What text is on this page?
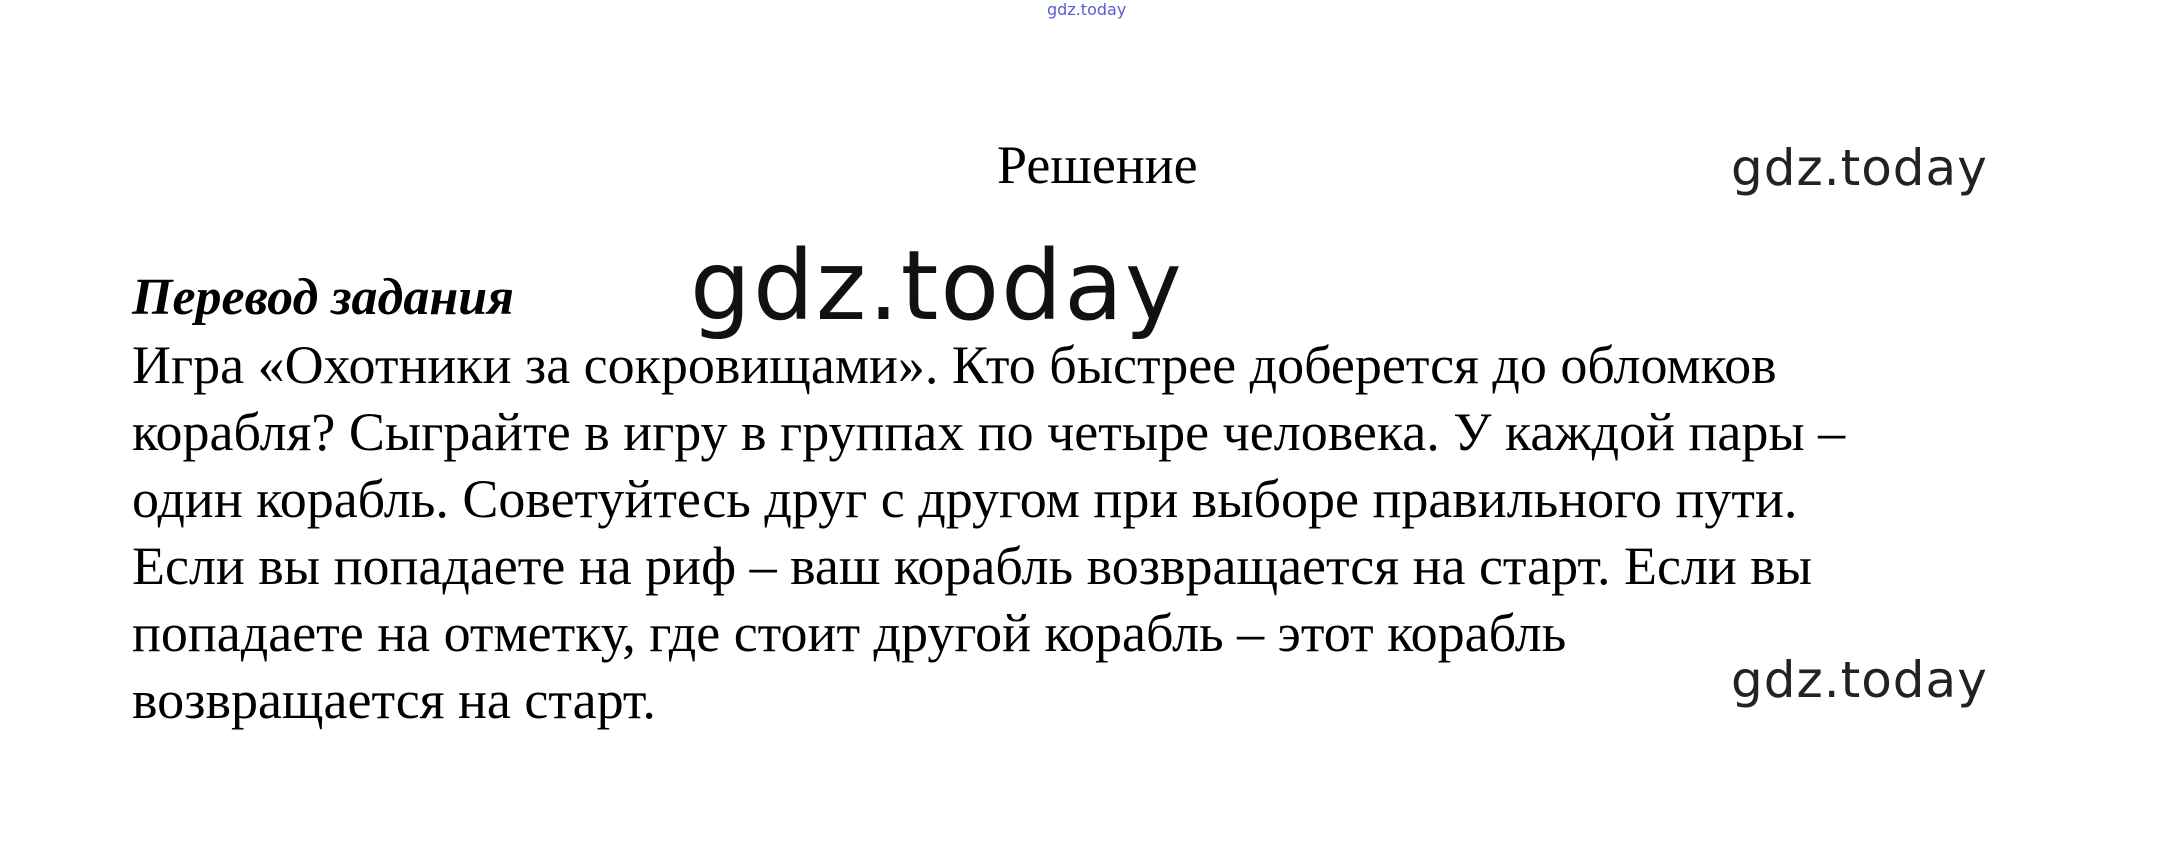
gdz.today
Решение	gdz.today
Перевод задания gdz.today
Игра «Охотники за сокровищами». Кто быстрее доберется до обломков
корабля? Сыграйте в игру в группах по четыре человека. У каждой пары –
один корабль. Советуйтесь друг с другом при выборе правильного пути.
Если вы попадаете на риф – ваш корабль возвращается на старт. Если вы
попадаете на отметку, где стоит другой корабль – этот корабль
возвращается на старт.	gdz.today
